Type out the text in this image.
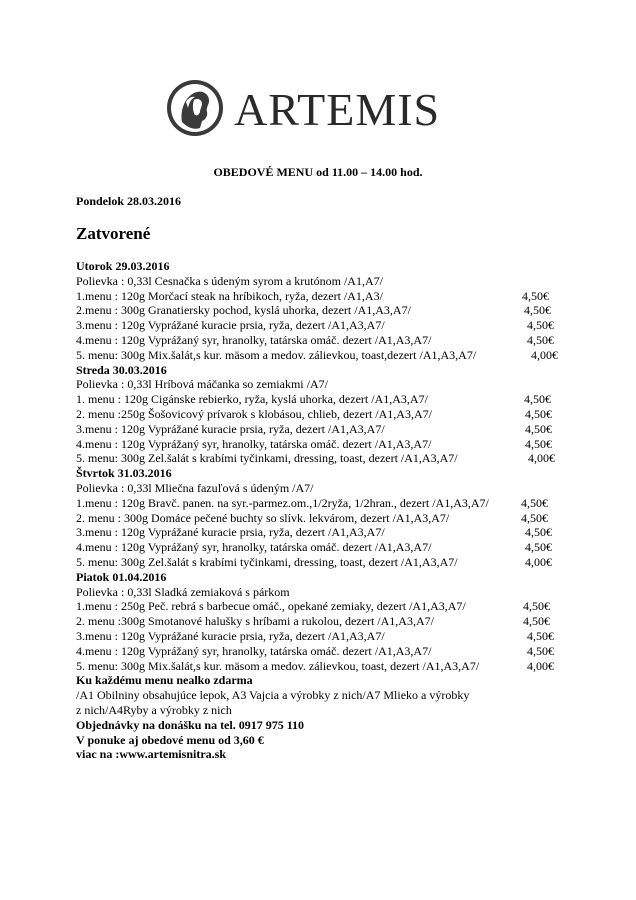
ARTEMIS
OBEDOVÉ MENU od 11.00 – 14.00 hod.
Pondelok 28.03.2016
Zatvorené
Utorok 29.03.2016
Polievka : 0,33l Cesnačka s údeným syrom a krutónom /A1,A7/
1.menu : 120g Morčací steak na hríbikoch, ryža, dezert /A1,A3/	4,50€
2.menu : 300g Granatiersky pochod, kyslá uhorka, dezert /A1,A3,A7/	4,50€
3.menu : 120g Vyprážané kuracie prsia, ryža, dezert /A1,A3,A7/	4,50€
4.menu : 120g Vyprážaný syr, hranolky, tatárska omáč. dezert /A1,A3,A7/	4,50€
5. menu: 300g Mix.šalát,s kur. mäsom a medov. zálievkou, toast,dezert /A1,A3,A7/	4,00€
Streda 30.03.2016
Polievka : 0,33l Hríbová máčanka so zemiakmi /A7/
1. menu : 120g Cigánske rebierko, ryža, kyslá uhorka, dezert /A1,A3,A7/	4,50€
2. menu :250g Šošovicový prívarok s klobásou, chlieb, dezert /A1,A3,A7/	4,50€
3.menu : 120g Vyprážané kuracie prsia, ryža, dezert /A1,A3,A7/	4,50€
4.menu : 120g Vyprážaný syr, hranolky, tatárska omáč. dezert /A1,A3,A7/	4,50€
5. menu: 300g Zel.šalát s krabími tyčinkami, dressing, toast, dezert /A1,A3,A7/	4,00€
Štvrtok 31.03.2016
Polievka : 0,33l Mliečna fazuľová s údeným /A7/
1.menu : 120g Bravč. panen. na syr.-parmez.om.,1/2ryža, 1/2hran., dezert /A1,A3,A7/	4,50€
2. menu : 300g Domáce pečené buchty so slívk. lekvárom, dezert /A1,A3,A7/	4,50€
3.menu : 120g Vyprážané kuracie prsia, ryža, dezert /A1,A3,A7/	4,50€
4.menu : 120g Vyprážaný syr, hranolky, tatárska omáč. dezert /A1,A3,A7/	4,50€
5. menu: 300g Zel.šalát s krabími tyčinkami, dressing, toast, dezert /A1,A3,A7/	4,00€
Piatok 01.04.2016
Polievka : 0,33l Sladká zemiaková s párkom
1.menu : 250g Peč. rebrá s barbecue omáč., opekané zemiaky, dezert /A1,A3,A7/	4,50€
2. menu :300g Smotanové halušky s hríbami a rukolou, dezert /A1,A3,A7/	4,50€
3.menu : 120g Vyprážané kuracie prsia, ryža, dezert /A1,A3,A7/	4,50€
4.menu : 120g Vyprážaný syr, hranolky, tatárska omáč. dezert /A1,A3,A7/	4,50€
5. menu: 300g Mix.šalát,s kur. mäsom a medov. zálievkou, toast, dezert /A1,A3,A7/	4,00€
Ku každému menu nealko zdarma
/A1 Obilniny obsahujúce lepok, A3 Vajcia a výrobky z nich/A7 Mlieko a výrobky
z nich/A4Ryby a výrobky z nich
Objednávky na donášku na tel. 0917 975 110
V ponuke aj obedové menu od 3,60 €
viac na :www.artemisnitra.sk
